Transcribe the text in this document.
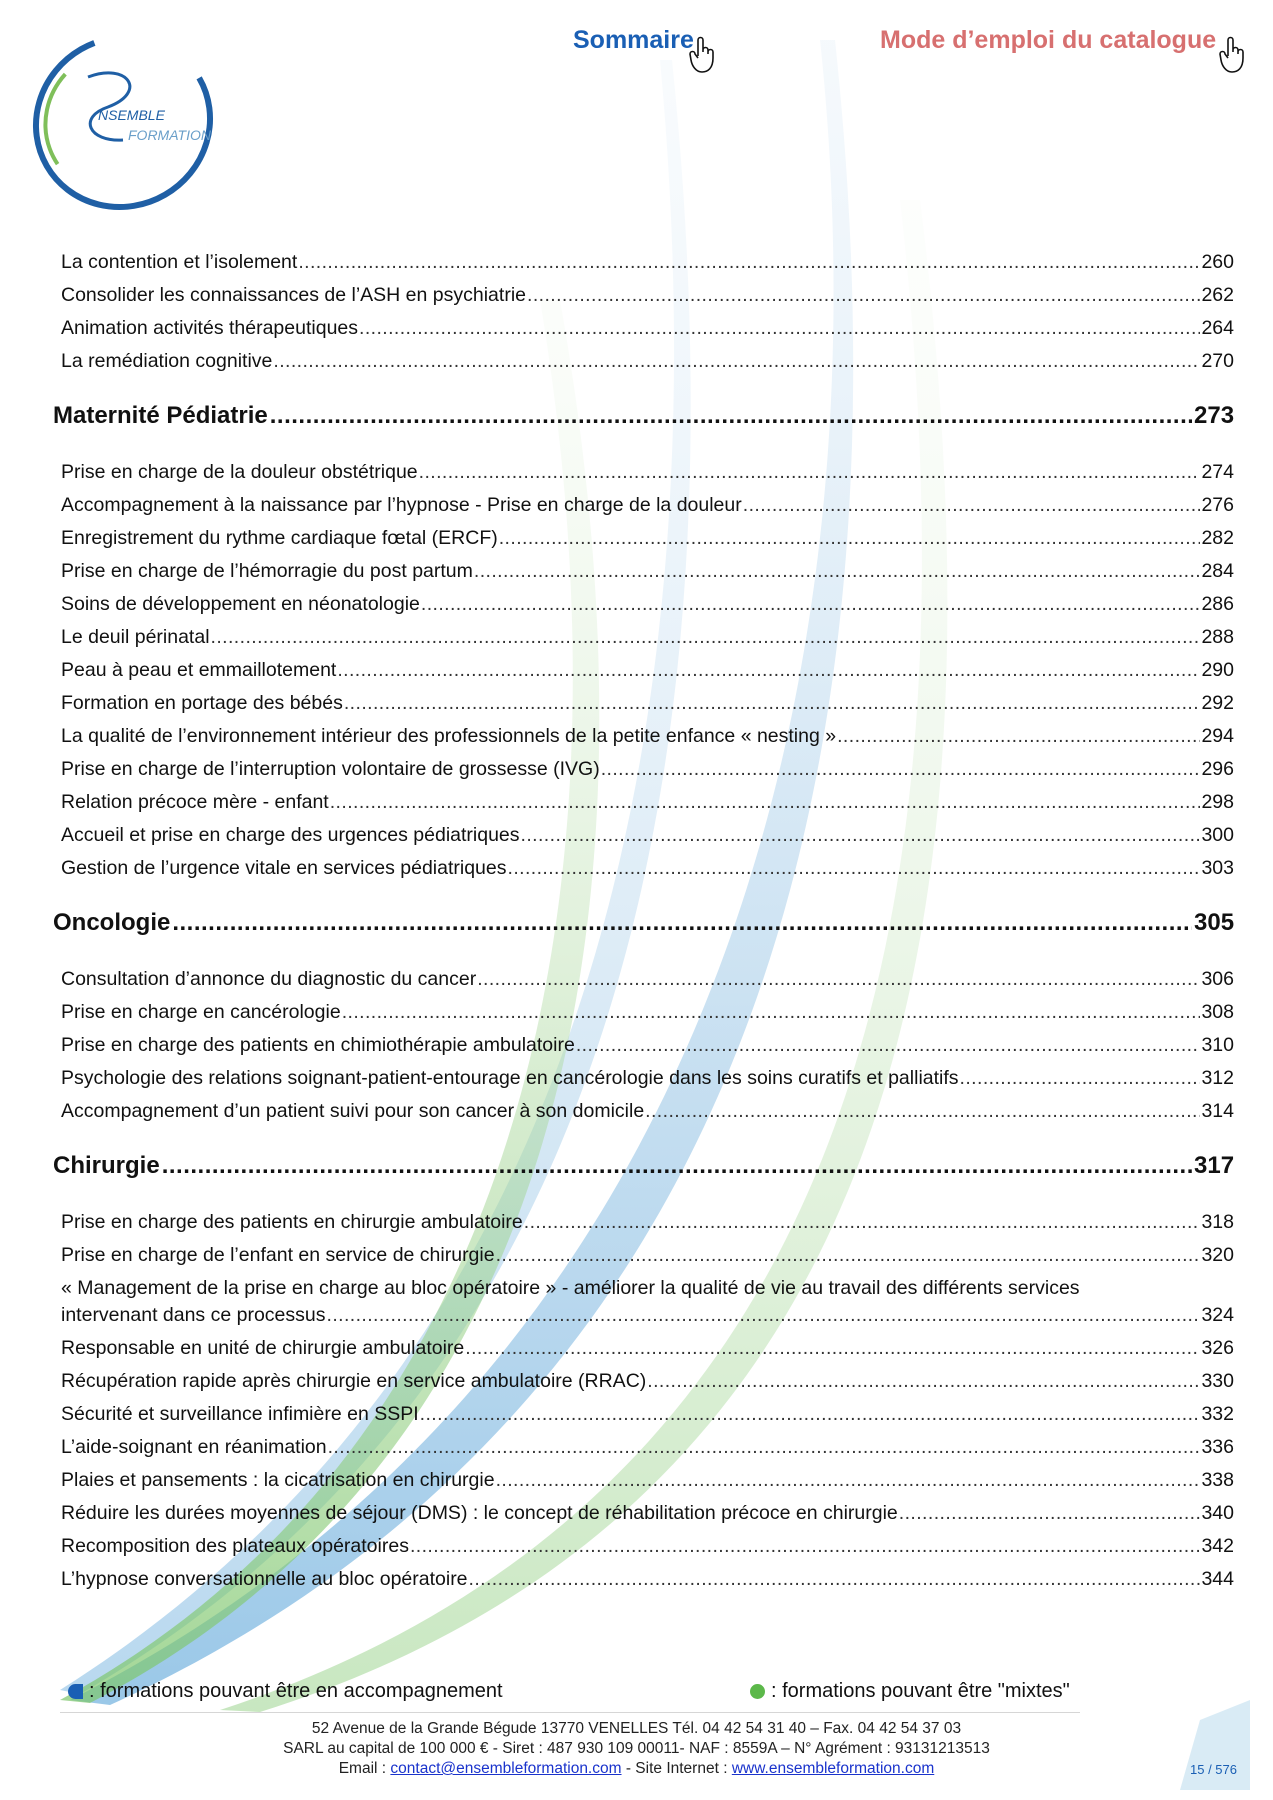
NSEMBLE
FORMATION
Sommaire	Mode d’emploi du catalogue
La contention et l’isolement .....	260
Consolider les connaissances de l’ASH en psychiatrie .....	262
Animation activités thérapeutiques .....	264
La remédiation cognitive .....	270
Maternité Pédiatrie .....	273
Prise en charge de la douleur obstétrique .....	274
Accompagnement à la naissance par l’hypnose - Prise en charge de la douleur .....	276
Enregistrement du rythme cardiaque fœtal (ERCF) .....	282
Prise en charge de l’hémorragie du post partum .....	284
Soins de développement en néonatologie .....	286
Le deuil périnatal .....	288
Peau à peau et emmaillotement .....	290
Formation en portage des bébés .....	292
La qualité de l’environnement intérieur des professionnels de la petite enfance « nesting » .....	294
Prise en charge de l’interruption volontaire de grossesse (IVG) .....	296
Relation précoce mère - enfant .....	298
Accueil et prise en charge des urgences pédiatriques .....	300
Gestion de l’urgence vitale en services pédiatriques .....	303
Oncologie .....	305
Consultation d’annonce du diagnostic du cancer .....	306
Prise en charge en cancérologie .....	308
Prise en charge des patients en chimiothérapie ambulatoire .....	310
Psychologie des relations soignant-patient-entourage en cancérologie dans les soins curatifs et palliatifs .....	312
Accompagnement d’un patient suivi pour son cancer à son domicile .....	314
Chirurgie .....	317
Prise en charge des patients en chirurgie ambulatoire .....	318
Prise en charge de l’enfant en service de chirurgie .....	320
« Management de la prise en charge au bloc opératoire » - améliorer la qualité de vie au travail des différents services
intervenant dans ce processus .....	324
Responsable en unité de chirurgie ambulatoire .....	326
Récupération rapide après chirurgie en service ambulatoire (RRAC) .....	330
Sécurité et surveillance infimière en SSPI .....	332
L’aide-soignant en réanimation .....	336
Plaies et pansements : la cicatrisation en chirurgie .....	338
Réduire les durées moyennes de séjour (DMS) : le concept de réhabilitation précoce en chirurgie .....	340
Recomposition des plateaux opératoires .....	342
L’hypnose conversationnelle au bloc opératoire .....	344
: formations pouvant être en accompagnement	: formations pouvant être "mixtes"
52 Avenue de la Grande Bégude 13770 VENELLES Tél. 04 42 54 31 40 – Fax. 04 42 54 37 03
SARL au capital de 100 000 € - Siret : 487 930 109 00011- NAF : 8559A – N° Agrément : 93131213513
Email : contact@ensembleformation.com - Site Internet : www.ensembleformation.com	15 / 576
